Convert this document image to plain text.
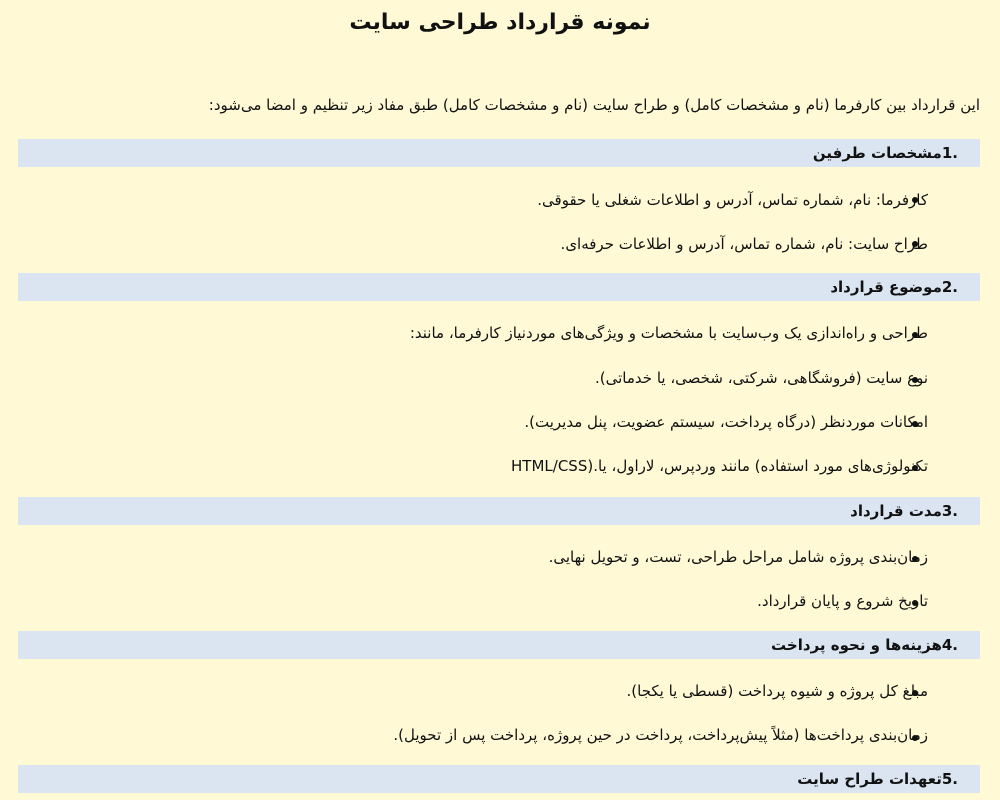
نمونه قرارداد طراحی سایت
این قرارداد بین کارفرما (نام و مشخصات کامل) و طراح سایت (نام و مشخصات کامل) طبق مفاد زیر تنظیم و امضا می‌شود:
.1مشخصات طرفین
کارفرما: نام، شماره تماس، آدرس و اطلاعات شغلی یا حقوقی.
طراح سایت: نام، شماره تماس، آدرس و اطلاعات حرفه‌ای.
.2موضوع قرارداد
طراحی و راه‌اندازی یک وب‌سایت با مشخصات و ویژگی‌های موردنیاز کارفرما، مانند:
نوع سایت (فروشگاهی، شرکتی، شخصی، یا خدماتی).
امکانات موردنظر (درگاه پرداخت، سیستم عضویت، پنل مدیریت).
تکنولوژی‌های مورد استفاده) مانند وردپرس، لاراول، یا.(HTML/CSS
.3مدت قرارداد
زمان‌بندی پروژه شامل مراحل طراحی، تست، و تحویل نهایی.
تاریخ شروع و پایان قرارداد.
.4هزینه‌ها و نحوه پرداخت
مبلغ کل پروژه و شیوه پرداخت (قسطی یا یکجا).
زمان‌بندی پرداخت‌ها (مثلاً پیش‌پرداخت، پرداخت در حین پروژه، پرداخت پس از تحویل).
.5تعهدات طراح سایت
